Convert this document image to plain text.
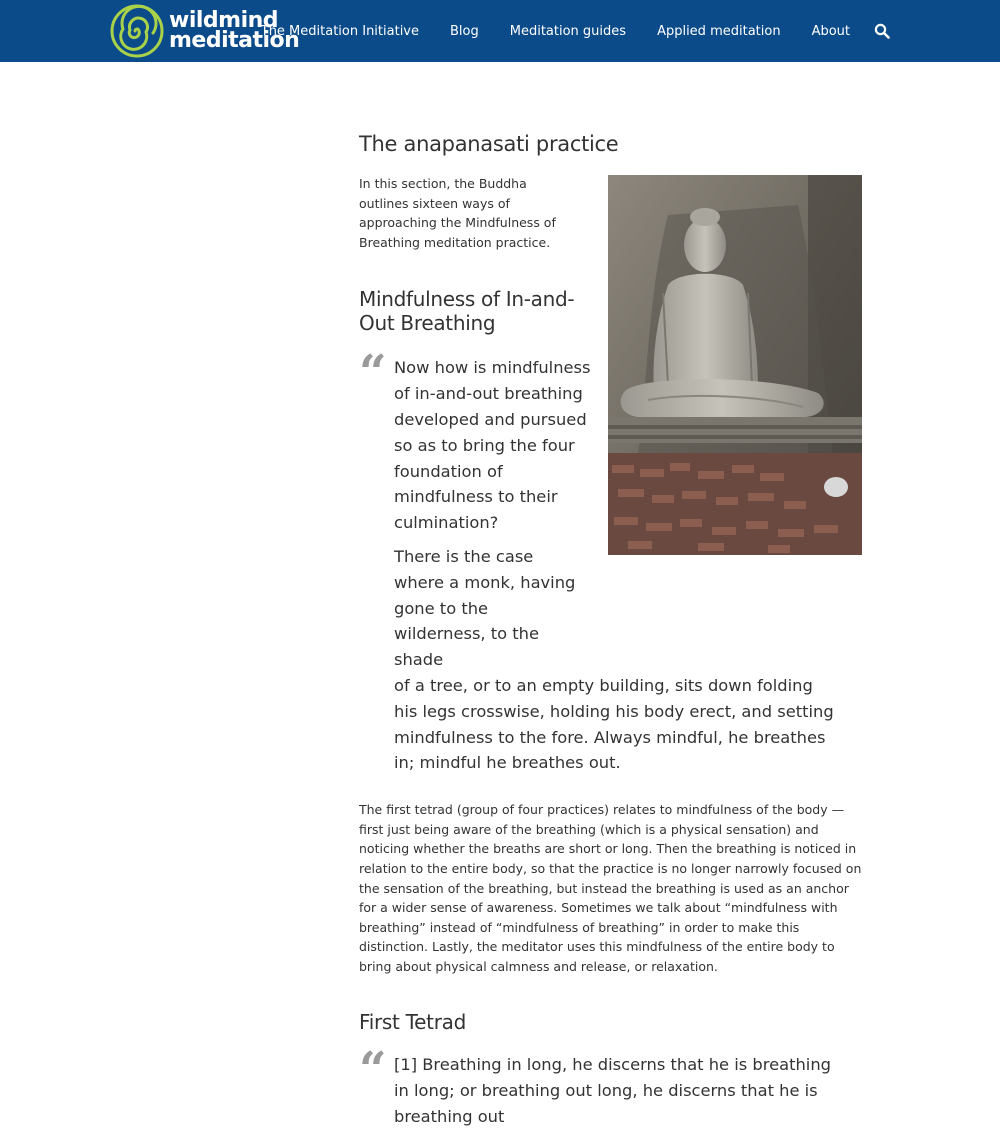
wildmind
meditation
The Meditation Initiative Blog Meditation guides Applied meditation About
The anapanasati practice

In this section, the Buddha outlines sixteen ways of approaching the Mindfulness of Breathing meditation practice.

Mindfulness of In-and-Out Breathing
“ Now how is mindfulness of in-and-out breathing developed and pursued so as to bring the four foundation of mindfulness to their culmination?

There is the case where a monk, having gone to the wilderness, to the shade
of a tree, or to an empty building, sits down folding his legs crosswise, holding his body erect, and setting mindfulness to the fore. Always mindful, he breathes in; mindful he breathes out.

The first tetrad (group of four practices) relates to mindfulness of the body — first just being aware of the breathing (which is a physical sensation) and noticing whether the breaths are short or long. Then the breathing is noticed in relation to the entire body, so that the practice is no longer narrowly focused on the sensation of the breathing, but instead the breathing is used as an anchor for a wider sense of awareness. Sometimes we talk about “mindfulness with breathing” instead of “mindfulness of breathing” in order to make this distinction. Lastly, the meditator uses this mindfulness of the entire body to bring about physical calmness and release, or relaxation.

First Tetrad
“ [1] Breathing in long, he discerns that he is breathing in long; or breathing out long, he discerns that he is breathing out
